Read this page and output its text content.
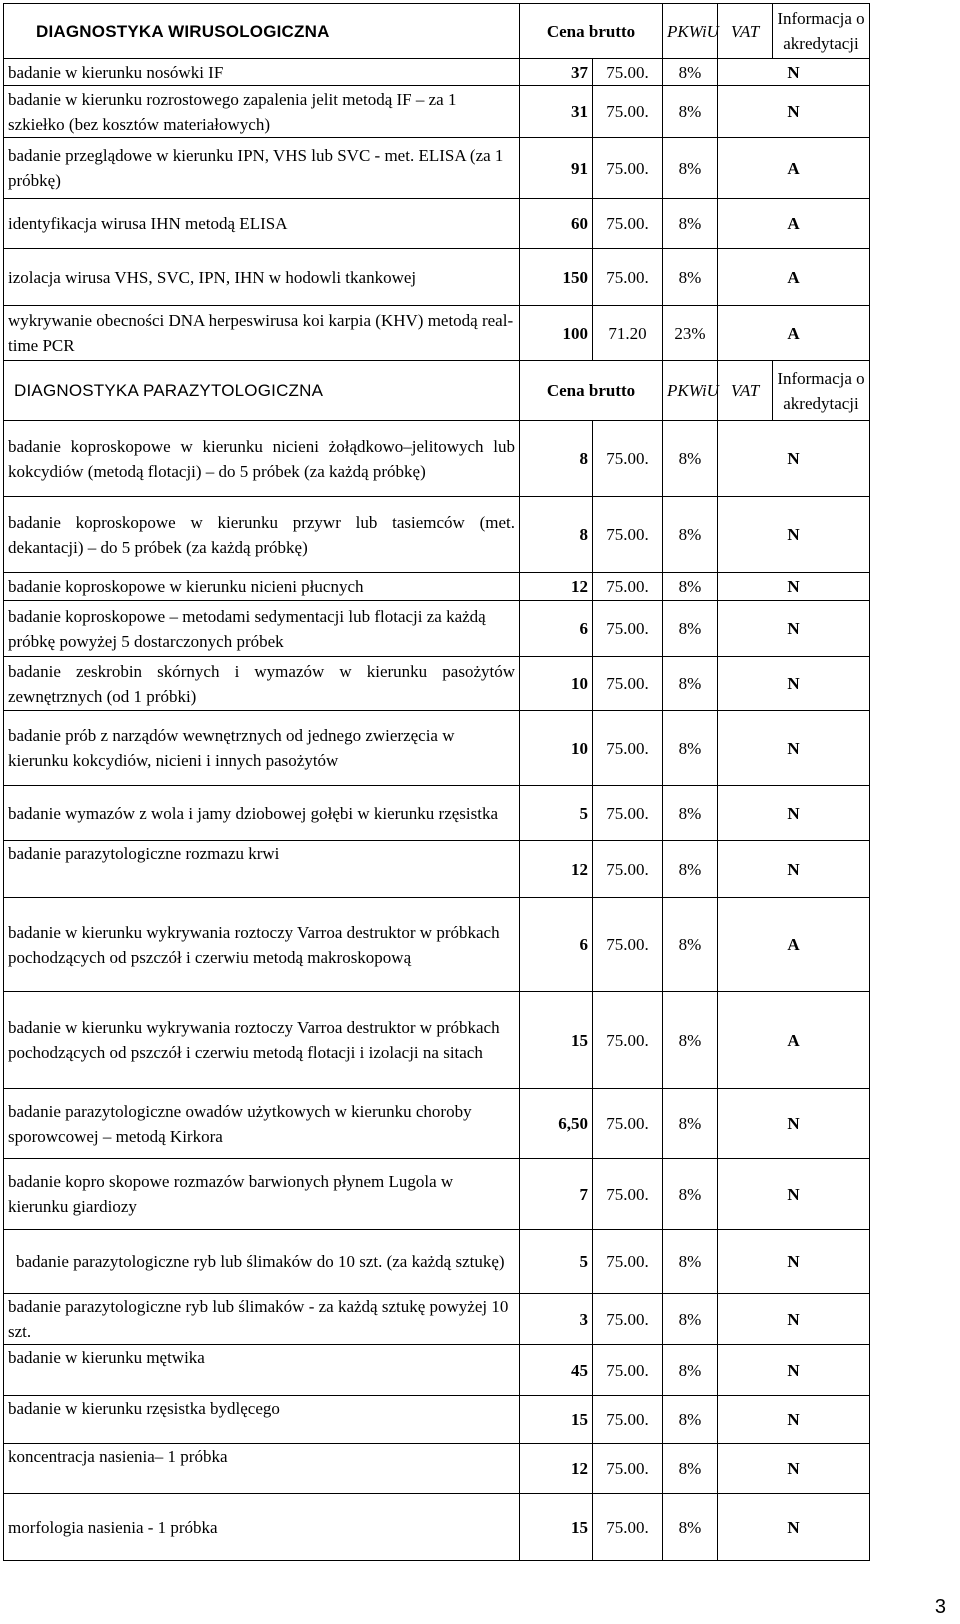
DIAGNOSTYKA WIRUSOLOGICZNA	Cena brutto		PKWiU	VAT	Informacja o akredytacji
badanie w kierunku nosówki IF	37	75.00.	8%	N	
badanie w kierunku rozrostowego zapalenia jelit metodą IF – za 1 szkiełko (bez kosztów materiałowych)	31	75.00.	8%	N	
badanie przeglądowe w kierunku IPN, VHS lub SVC - met. ELISA (za 1 próbkę)	91	75.00.	8%	A	
identyfikacja wirusa IHN metodą ELISA	60	75.00.	8%	A	
izolacja wirusa VHS, SVC, IPN, IHN w hodowli tkankowej	150	75.00.	8%	A	
wykrywanie obecności DNA herpeswirusa koi karpia (KHV) metodą real-time PCR	100	71.20	23%	A	
DIAGNOSTYKA PARAZYTOLOGICZNA	Cena brutto		PKWiU	VAT	Informacja o akredytacji
badanie koproskopowe w kierunku nicieni żołądkowo–jelitowych lub kokcydiów (metodą flotacji) – do 5 próbek (za każdą próbkę)	8	75.00.	8%	N	
badanie koproskopowe w kierunku przywr lub tasiemców (met. dekantacji) – do 5 próbek (za każdą próbkę)	8	75.00.	8%	N	
badanie koproskopowe w kierunku nicieni płucnych	12	75.00.	8%	N	
badanie koproskopowe – metodami sedymentacji lub flotacji za każdą próbkę powyżej 5 dostarczonych próbek	6	75.00.	8%	N	
badanie zeskrobin skórnych i wymazów w kierunku pasożytów zewnętrznych (od 1 próbki)	10	75.00.	8%	N	
badanie prób z narządów wewnętrznych od jednego zwierzęcia w kierunku kokcydiów, nicieni i innych pasożytów	10	75.00.	8%	N	
badanie wymazów z wola i jamy dziobowej gołębi w kierunku rzęsistka	5	75.00.	8%	N	
badanie parazytologiczne rozmazu krwi	12	75.00.	8%	N	
badanie w kierunku wykrywania roztoczy Varroa destruktor w próbkach pochodzących od pszczół i czerwiu metodą makroskopową	6	75.00.	8%	A	
badanie w kierunku wykrywania roztoczy Varroa destruktor w próbkach pochodzących od pszczół i czerwiu metodą flotacji i izolacji na sitach	15	75.00.	8%	A	
badanie parazytologiczne owadów użytkowych w kierunku choroby sporowcowej – metodą Kirkora	6,50	75.00.	8%	N	
badanie kopro skopowe rozmazów barwionych płynem Lugola w kierunku giardiozy	7	75.00.	8%	N	
badanie parazytologiczne ryb lub ślimaków do 10 szt. (za każdą sztukę)	5	75.00.	8%	N	
badanie parazytologiczne ryb lub ślimaków - za każdą sztukę powyżej 10 szt.	3	75.00.	8%	N	
badanie w kierunku mętwika	45	75.00.	8%	N	
badanie w kierunku rzęsistka bydlęcego	15	75.00.	8%	N	
koncentracja nasienia– 1 próbka	12	75.00.	8%	N	
morfologia nasienia - 1 próbka	15	75.00.	8%	N	
3
